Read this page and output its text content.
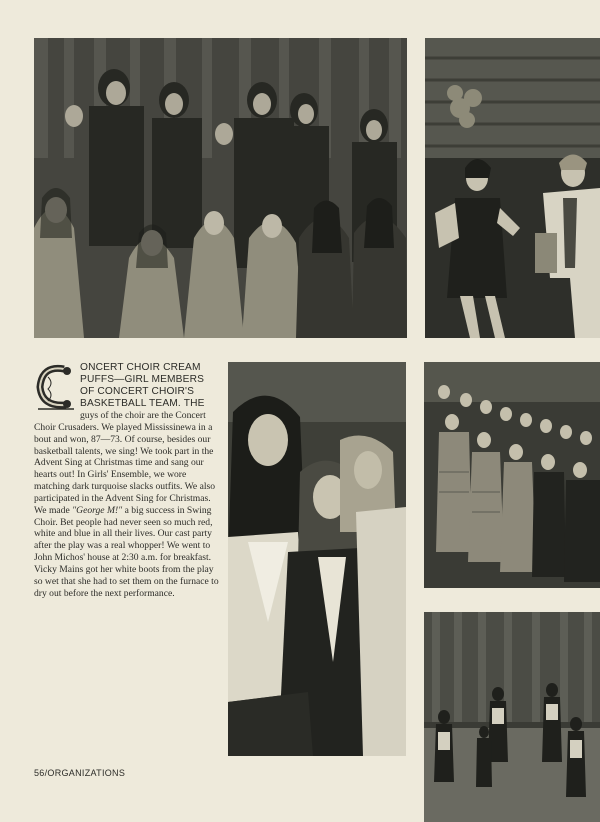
ONCERT CHOIR CREAM PUFFS—GIRL MEMBERS OF CONCERT CHOIR'S BASKETBALL TEAM. THE guys of the choir are the Concert Choir Crusaders. We played Mississinewa in a bout and won, 87—73. Of course, besides our basketball talents, we sing! We took part in the Advent Sing at Christmas time and sang our hearts out! In Girls' Ensemble, we wore matching dark turquoise slacks outfits. We also participated in the Advent Sing for Christmas. We made "George M!" a big success in Swing Choir. Bet people had never seen so much red, white and blue in all their lives. Our cast party after the play was a real whopper! We went to John Michos' house at 2:30 a.m. for breakfast. Vicky Mains got her white boots from the play so wet that she had to set them on the furnace to dry out before the next performance.
56/ORGANIZATIONS
